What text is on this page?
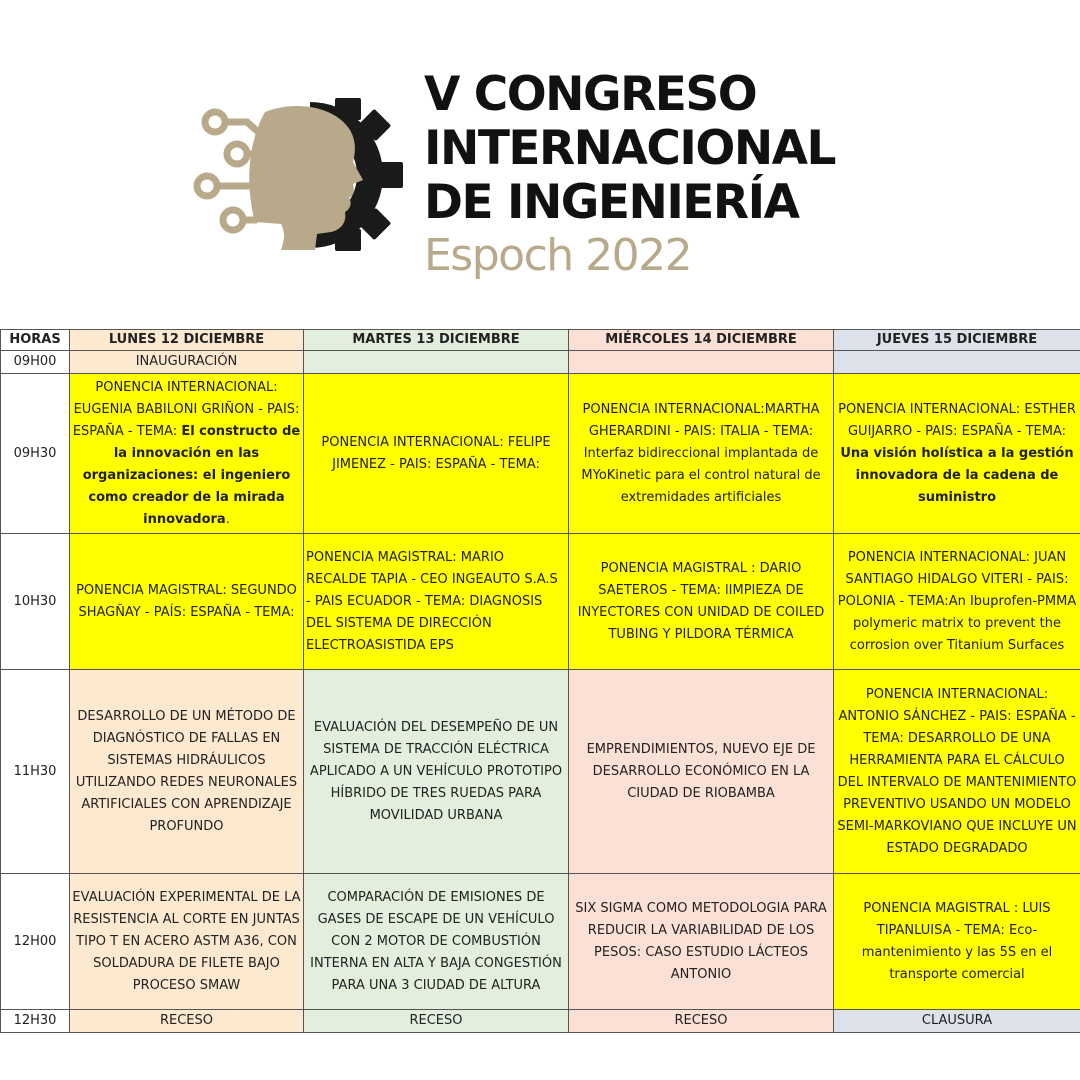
V CONGRESO
INTERNACIONAL
DE INGENIERÍA
Espoch 2022
HORAS	LUNES 12 DICIEMBRE	MARTES 13 DICIEMBRE	MIÉRCOLES 14 DICIEMBRE	JUEVES 15 DICIEMBRE
09H00	INAUGURACIÓN			
09H30	PONENCIA INTERNACIONAL: EUGENIA BABILONI GRIÑON - PAIS: ESPAÑA - TEMA: El constructo de la innovación en las organizaciones: el ingeniero como creador de la mirada innovadora.	PONENCIA INTERNACIONAL: FELIPE JIMENEZ - PAIS: ESPAÑA - TEMA:	PONENCIA INTERNACIONAL:MARTHA GHERARDINI - PAIS: ITALIA - TEMA: Interfaz bidireccional implantada de MYoKinetic para el control natural de extremidades artificiales	PONENCIA INTERNACIONAL: ESTHER GUIJARRO - PAIS: ESPAÑA - TEMA: Una visión holística a la gestión innovadora de la cadena de suministro
10H30	PONENCIA MAGISTRAL: SEGUNDO SHAGÑAY - PAÍS: ESPAÑA - TEMA:	PONENCIA MAGISTRAL: MARIO RECALDE TAPIA - CEO INGEAUTO S.A.S - PAIS ECUADOR - TEMA: DIAGNOSIS DEL SISTEMA DE DIRECCIÓN ELECTROASISTIDA EPS	PONENCIA MAGISTRAL : DARIO SAETEROS - TEMA: lIMPIEZA DE INYECTORES CON UNIDAD DE COILED TUBING Y PILDORA TÉRMICA	PONENCIA INTERNACIONAL: JUAN SANTIAGO HIDALGO VITERI - PAIS: POLONIA - TEMA:An Ibuprofen-PMMA polymeric matrix to prevent the corrosion over Titanium Surfaces
11H30	DESARROLLO DE UN MÉTODO DE DIAGNÓSTICO DE FALLAS EN SISTEMAS HIDRÁULICOS UTILIZANDO REDES NEURONALES ARTIFICIALES CON APRENDIZAJE PROFUNDO	EVALUACIÓN DEL DESEMPEÑO DE UN SISTEMA DE TRACCIÓN ELÉCTRICA APLICADO A UN VEHÍCULO PROTOTIPO HÍBRIDO DE TRES RUEDAS PARA MOVILIDAD URBANA	EMPRENDIMIENTOS, NUEVO EJE DE DESARROLLO ECONÓMICO EN LA CIUDAD DE RIOBAMBA	PONENCIA INTERNACIONAL: ANTONIO SÁNCHEZ - PAIS: ESPAÑA - TEMA: DESARROLLO DE UNA HERRAMIENTA PARA EL CÁLCULO DEL INTERVALO DE MANTENIMIENTO PREVENTIVO USANDO UN MODELO SEMI-MARKOVIANO QUE INCLUYE UN ESTADO DEGRADADO
12H00	EVALUACIÓN EXPERIMENTAL DE LA RESISTENCIA AL CORTE EN JUNTAS TIPO T EN ACERO ASTM A36, CON SOLDADURA DE FILETE BAJO PROCESO SMAW	COMPARACIÓN DE EMISIONES DE GASES DE ESCAPE DE UN VEHÍCULO CON 2 MOTOR DE COMBUSTIÓN INTERNA EN ALTA Y BAJA CONGESTIÓN PARA UNA 3 CIUDAD DE ALTURA	SIX SIGMA COMO METODOLOGIA PARA REDUCIR LA VARIABILIDAD DE LOS PESOS: CASO ESTUDIO LÁCTEOS ANTONIO	PONENCIA MAGISTRAL : LUIS TIPANLUISA - TEMA: Eco-mantenimiento y las 5S en el transporte comercial
12H30	RECESO	RECESO	RECESO	CLAUSURA
